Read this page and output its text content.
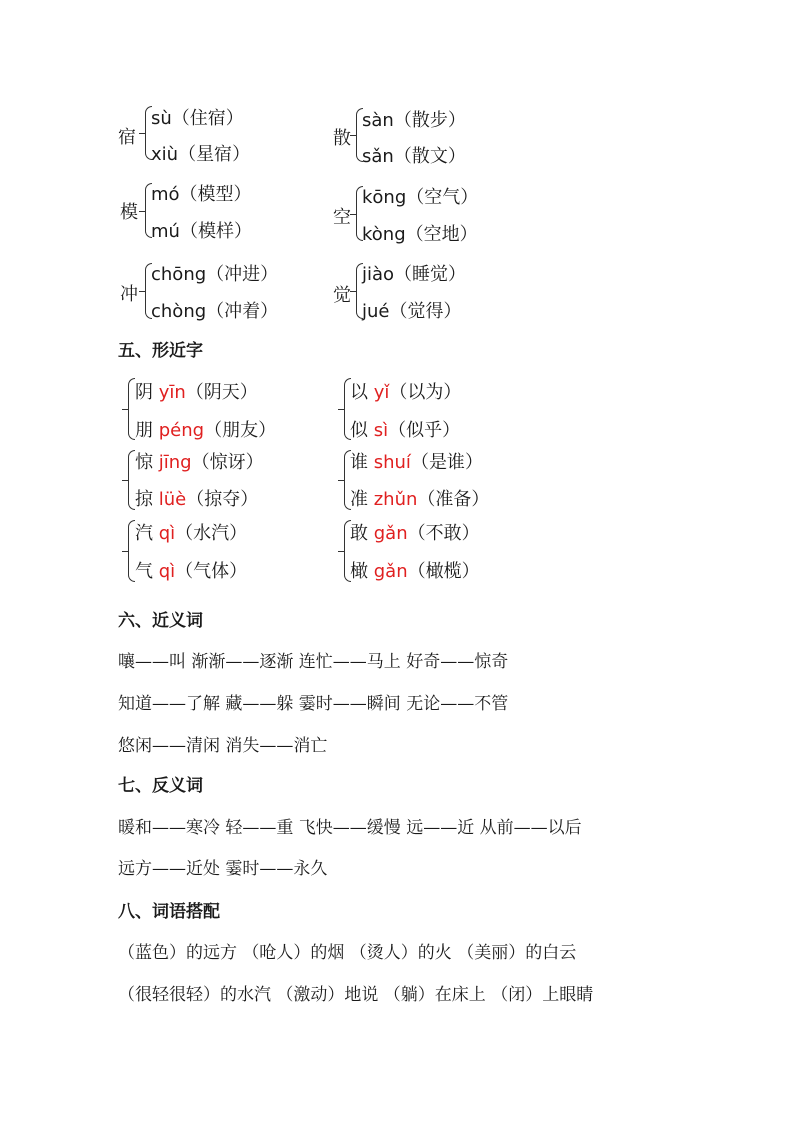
宿
sù（住宿）
xiù（星宿）
散
sàn（散步）
sǎn（散文）
模
mó（模型）
mú（模样）
空
kōng（空气）
kòng（空地）
冲
chōng（冲进）
chòng（冲着）
觉
jiào（睡觉）
jué（觉得）
五、形近字
阴 yīn（阴天）
朋 péng（朋友）
以 yǐ（以为）
似 sì（似乎）
惊 jīng（惊讶）
掠 lüè（掠夺）
谁 shuí（是谁）
准 zhǔn（准备）
汽 qì（水汽）
气 qì（气体）
敢 gǎn（不敢）
橄 gǎn（橄榄）
六、近义词
嚷——叫 渐渐——逐渐 连忙——马上 好奇——惊奇
知道——了解 藏——躲 霎时——瞬间 无论——不管
悠闲——清闲 消失——消亡
七、反义词
暖和——寒冷 轻——重 飞快——缓慢 远——近 从前——以后
远方——近处 霎时——永久
八、词语搭配
（蓝色）的远方 （呛人）的烟 （烫人）的火 （美丽）的白云
（很轻很轻）的水汽 （激动）地说 （躺）在床上 （闭）上眼睛
